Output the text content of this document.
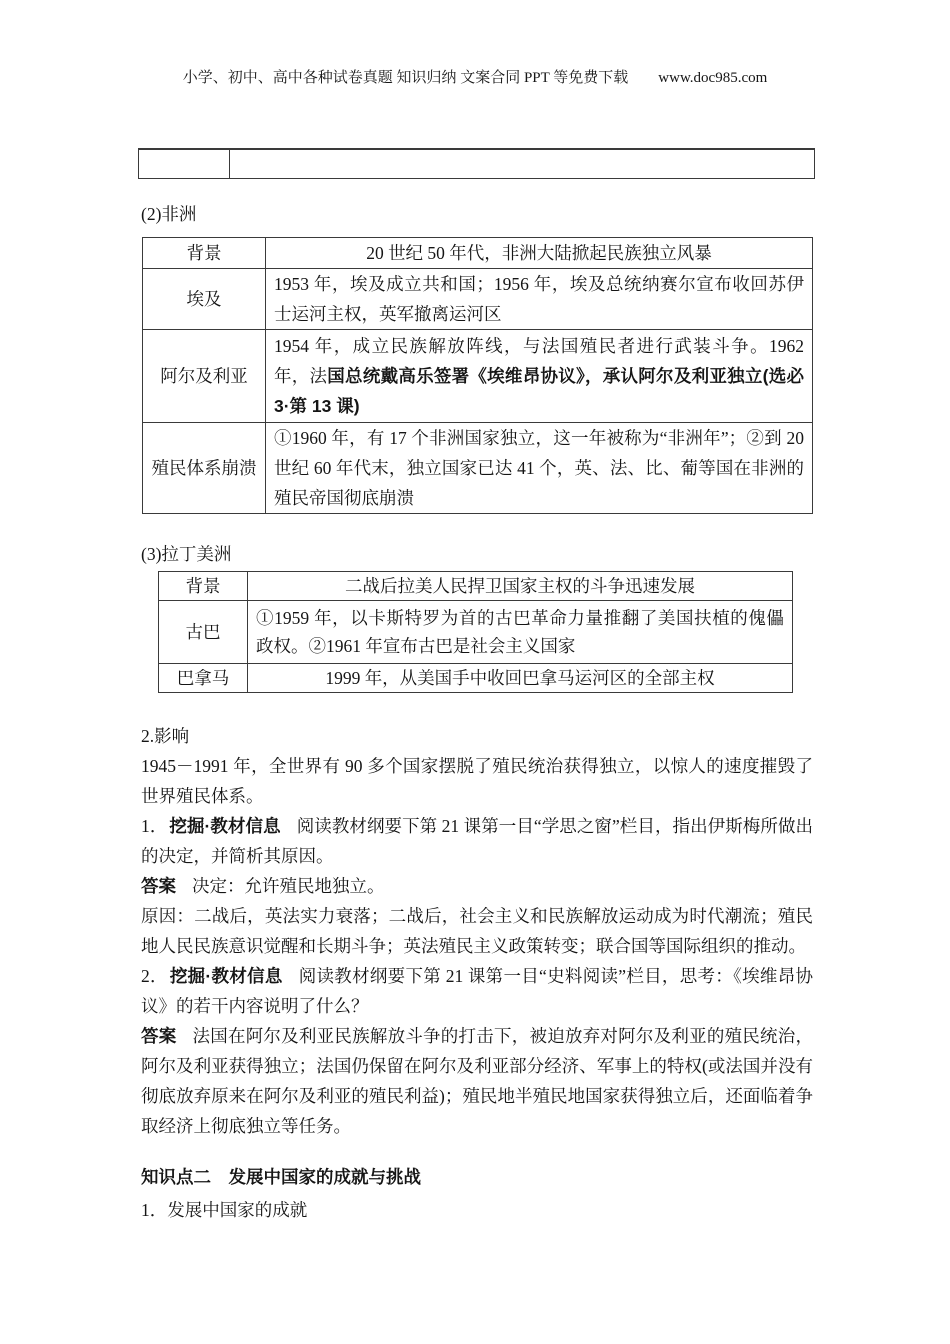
小学、初中、高中各种试卷真题 知识归纳 文案合同 PPT 等免费下载 www.doc985.com

(2)非洲
背景	20 世纪 50 年代，非洲大陆掀起民族独立风暴
埃及	1953 年，埃及成立共和国；1956 年，埃及总统纳赛尔宣布收回苏伊士运河主权，英军撤离运河区
阿尔及利亚	1954 年，成立民族解放阵线，与法国殖民者进行武装斗争。1962 年，法国总统戴高乐签署《埃维昂协议》，承认阿尔及利亚独立(选必 3·第 13 课)
殖民体系崩溃	①1960 年，有 17 个非洲国家独立，这一年被称为“非洲年”；②到 20 世纪 60 年代末，独立国家已达 41 个，英、法、比、葡等国在非洲的殖民帝国彻底崩溃
(3)拉丁美洲
背景	二战后拉美人民捍卫国家主权的斗争迅速发展
古巴	①1959 年，以卡斯特罗为首的古巴革命力量推翻了美国扶植的傀儡政权。②1961 年宣布古巴是社会主义国家
巴拿马	1999 年，从美国手中收回巴拿马运河区的全部主权

2.影响

1945－1991 年，全世界有 90 多个国家摆脱了殖民统治获得独立，以惊人的速度摧毁了世界殖民体系。

1． 挖掘·教材信息 阅读教材纲要下第 21 课第一目“学思之窗”栏目，指出伊斯梅所做出的决定，并简析其原因。

答案 决定：允许殖民地独立。

原因：二战后，英法实力衰落；二战后，社会主义和民族解放运动成为时代潮流；殖民地人民民族意识觉醒和长期斗争；英法殖民主义政策转变；联合国等国际组织的推动。

2． 挖掘·教材信息 阅读教材纲要下第 21 课第一目“史料阅读”栏目，思考：《埃维昂协议》的若干内容说明了什么？

答案 法国在阿尔及利亚民族解放斗争的打击下，被迫放弃对阿尔及利亚的殖民统治，阿尔及利亚获得独立；法国仍保留在阿尔及利亚部分经济、军事上的特权(或法国并没有彻底放弃原来在阿尔及利亚的殖民利益)；殖民地半殖民地国家获得独立后，还面临着争取经济上彻底独立等任务。

知识点二　发展中国家的成就与挑战

1．发展中国家的成就
